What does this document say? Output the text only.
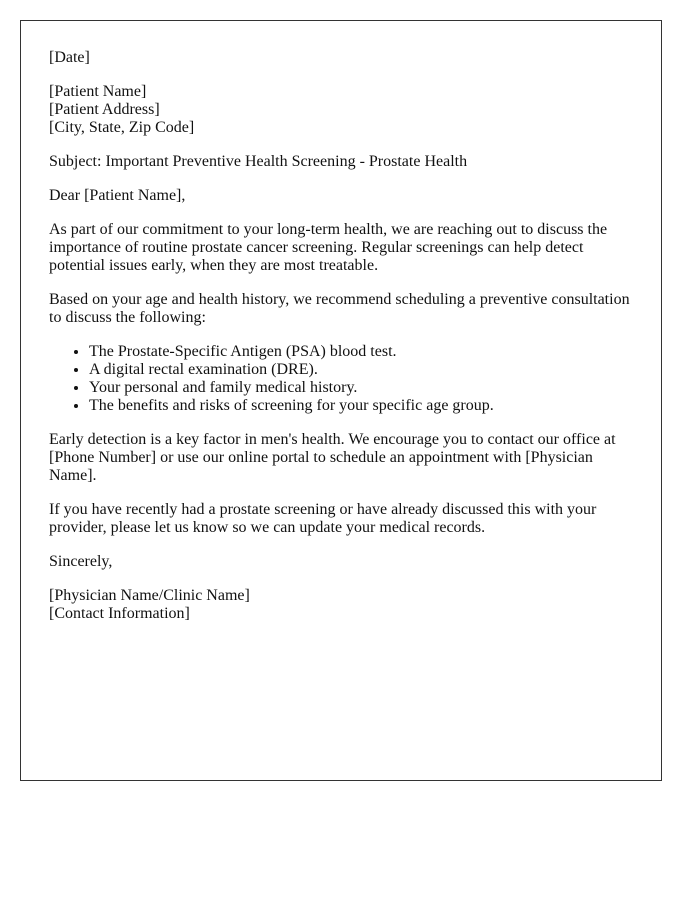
[Date]

[Patient Name]
[Patient Address]
[City, State, Zip Code]

Subject: Important Preventive Health Screening - Prostate Health

Dear [Patient Name],

As part of our commitment to your long-term health, we are reaching out to discuss the importance of routine prostate cancer screening. Regular screenings can help detect potential issues early, when they are most treatable.

Based on your age and health history, we recommend scheduling a preventive consultation to discuss the following:

• The Prostate-Specific Antigen (PSA) blood test.
• A digital rectal examination (DRE).
• Your personal and family medical history.
• The benefits and risks of screening for your specific age group.

Early detection is a key factor in men's health. We encourage you to contact our office at [Phone Number] or use our online portal to schedule an appointment with [Physician Name].

If you have recently had a prostate screening or have already discussed this with your provider, please let us know so we can update your medical records.

Sincerely,

[Physician Name/Clinic Name]
[Contact Information]
